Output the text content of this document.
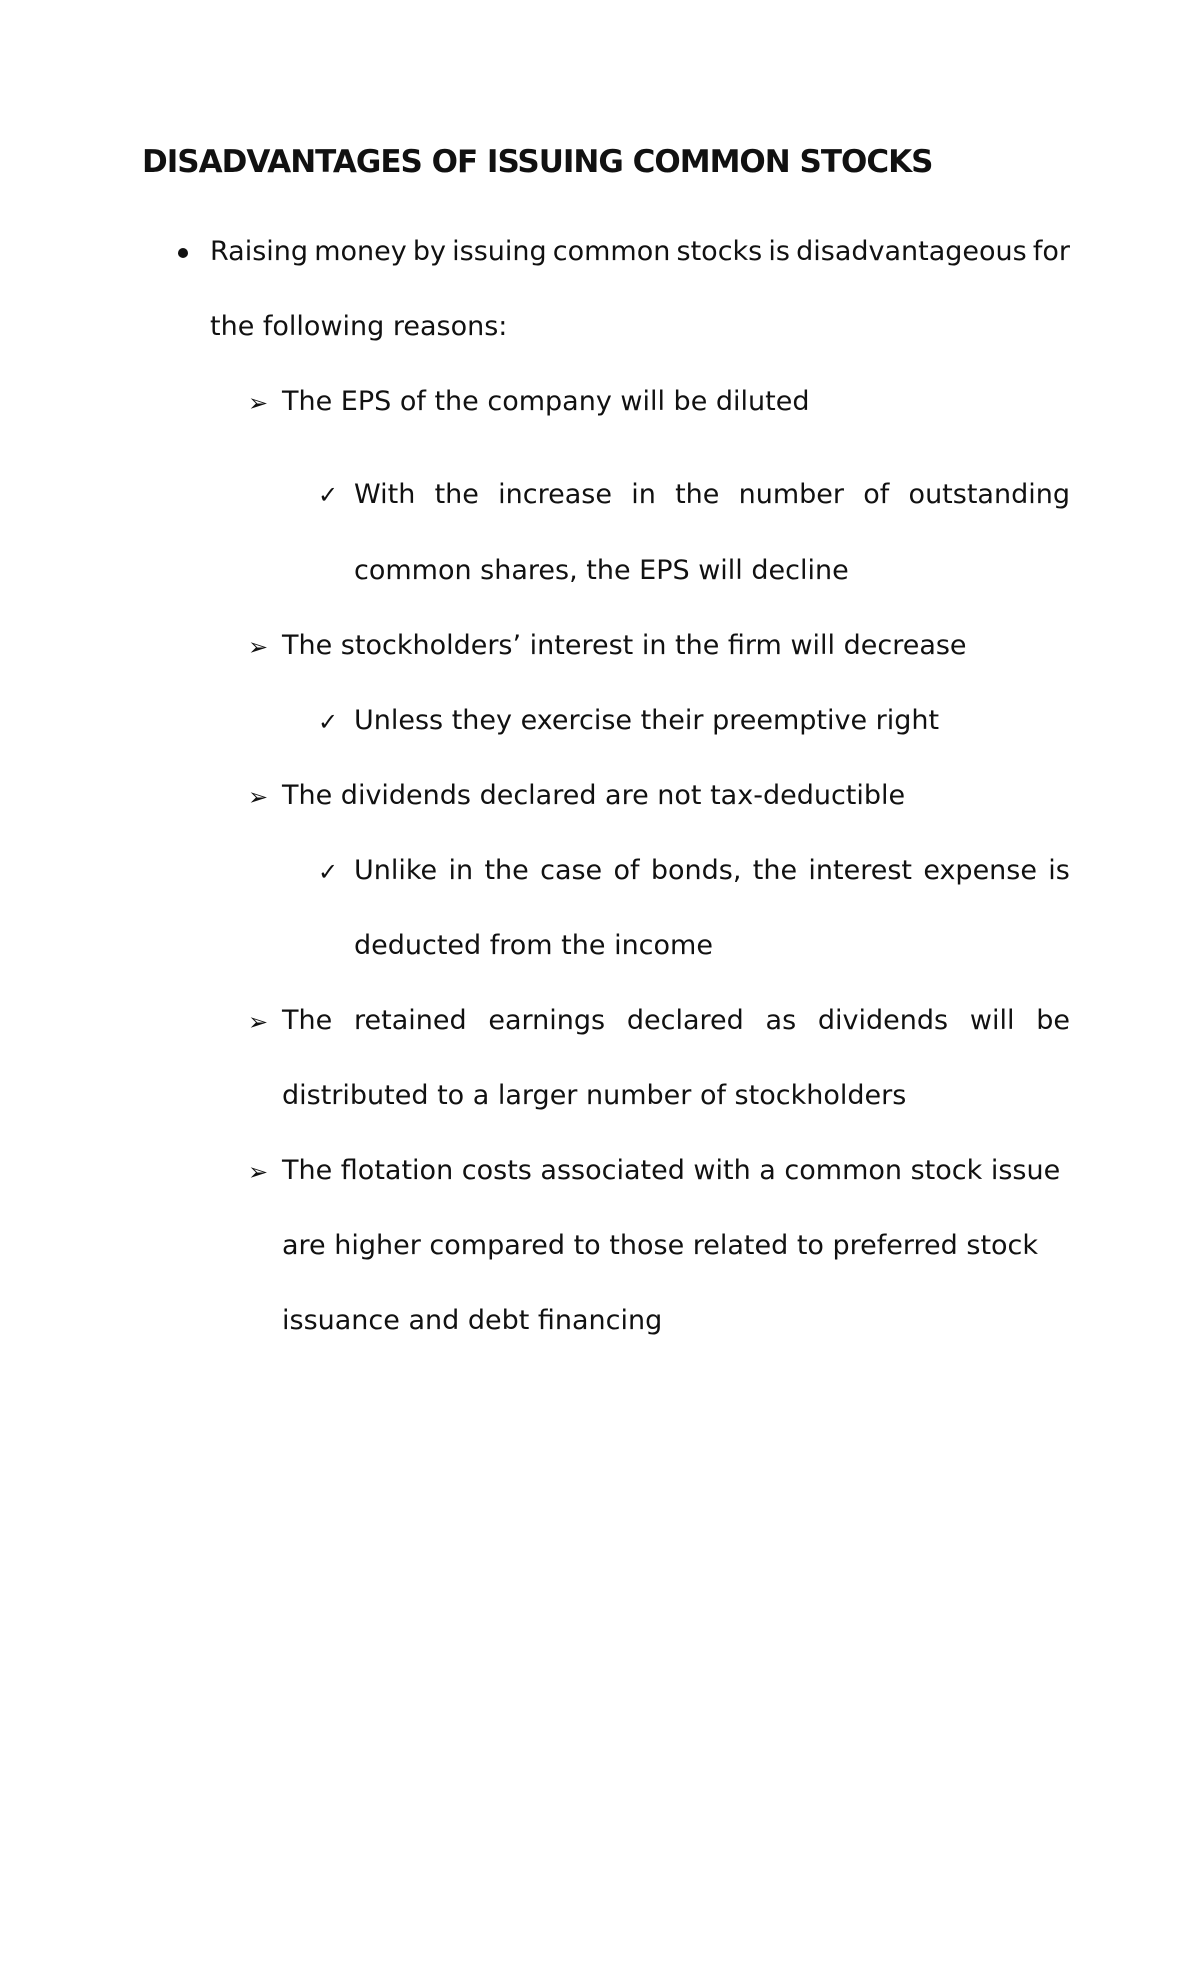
DISADVANTAGES OF ISSUING COMMON STOCKS
Raising money by issuing common stocks is disadvantageous for
the following reasons:
➢ The EPS of the company will be diluted
✓ With the increase in the number of outstanding
common shares, the EPS will decline
➢ The stockholders’ interest in the firm will decrease
✓ Unless they exercise their preemptive right
➢ The dividends declared are not tax-deductible
✓ Unlike in the case of bonds, the interest expense is
deducted from the income
➢ The retained earnings declared as dividends will be
distributed to a larger number of stockholders
➢ The flotation costs associated with a common stock issue
are higher compared to those related to preferred stock
issuance and debt financing
